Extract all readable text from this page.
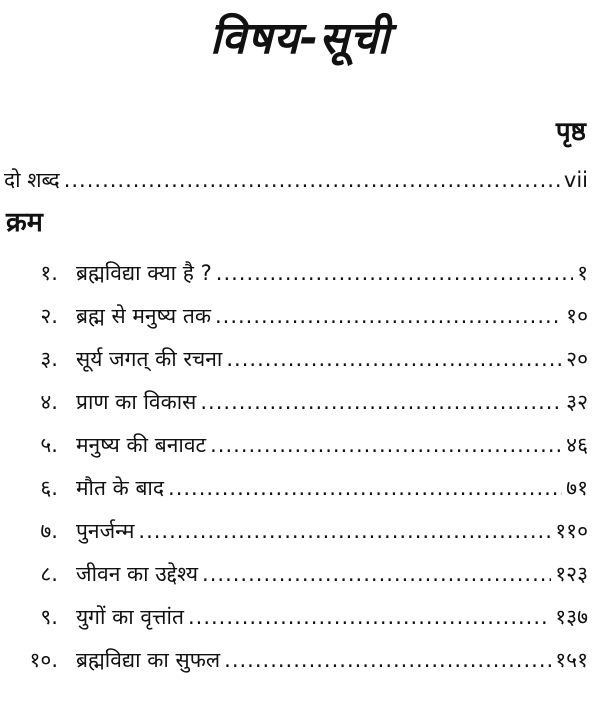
विषय-सूची
पृष्ठ
दो शब्द .....	vii
क्रम
१. ब्रह्मविद्या क्या है ? .....	१
२. ब्रह्म से मनुष्य तक .....	१०
३. सूर्य जगत् की रचना .....	२०
४. प्राण का विकास .....	३२
५. मनुष्य की बनावट .....	४६
६. मौत के बाद .....	७१
७. पुनर्जन्म .....	११०
८. जीवन का उद्देश्य .....	१२३
९. युगों का वृत्तांत .....	१३७
१०. ब्रह्मविद्या का सुफल .....	१५१
